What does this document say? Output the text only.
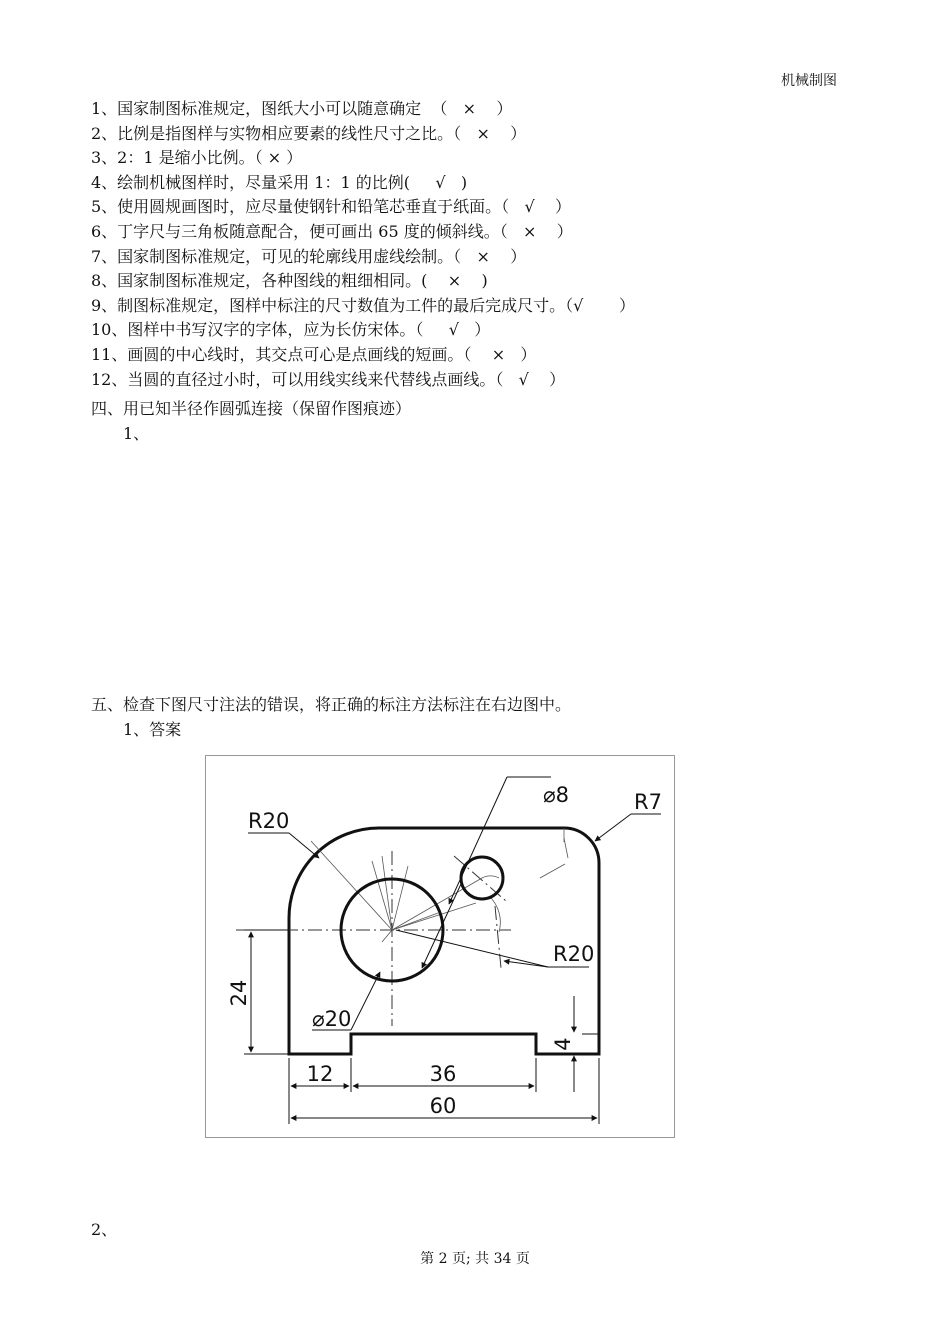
机械制图
1、国家制图标准规定，图纸大小可以随意确定  （   ×    ）
2、比例是指图样与实物相应要素的线性尺寸之比。（   ×    ）
3、2：1 是缩小比例。（ × ）
4、绘制机械图样时，尽量采用 1：1 的比例(     √   )
5、使用圆规画图时，应尽量使钢针和铅笔芯垂直于纸面。（   √    ）
6、丁字尺与三角板随意配合，便可画出 65 度的倾斜线。（   ×    ）
7、国家制图标准规定，可见的轮廓线用虚线绘制。（   ×    ）
8、国家制图标准规定，各种图线的粗细相同。(    ×    )
9、制图标准规定，图样中标注的尺寸数值为工件的最后完成尺寸。（√       ）
10、图样中书写汉字的字体，应为长仿宋体。（     √   ）
11、画圆的中心线时，其交点可心是点画线的短画。（    ×   ）
12、当圆的直径过小时，可以用线实线来代替线点画线。（   √    ）
四、用已知半径作圆弧连接（保留作图痕迹）
1、
五、检查下图尺寸注法的错误，将正确的标注方法标注在右边图中。
1、答案
⌀8	R7
R20
R20
24
⌀20
4
12	36
60
2、
第 2 页; 共 34 页
